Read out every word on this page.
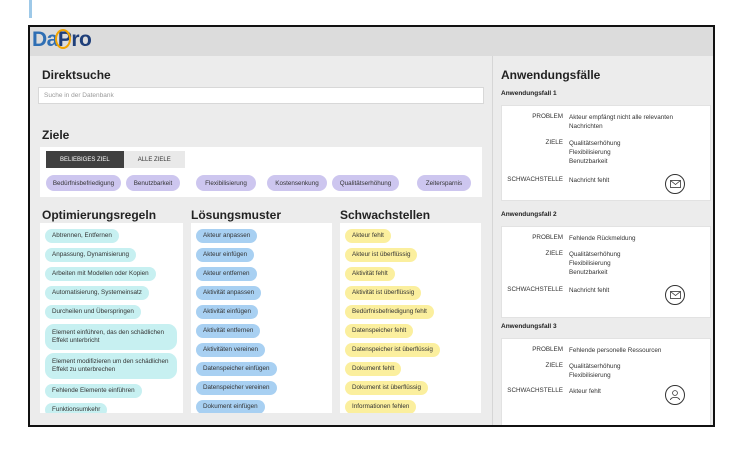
Da Pro
Direktsuche
Suche in der Datenbank
Ziele
BELIEBIGES ZIEL	ALLE ZIELE
Bedürfnisbefriedigung	Benutzbarkeit	Flexibilisierung	Kostensenkung	Qualitätserhöhung	Zeitersparnis
Optimierungsregeln	Lösungsmuster	Schwachstellen
Abtrennen, Entfernen
Anpassung, Dynamisierung
Arbeiten mit Modellen oder Kopien
Automatisierung, Systemeinsatz
Durcheilen und Überspringen
Element einführen, das den schädlichen Effekt unterbricht
Element modifizieren um den schädlichen Effekt zu unterbrechen
Fehlende Elemente einführen
Funktionsumkehr
Akteur anpassen
Akteur einfügen
Akteur entfernen
Aktivität anpassen
Aktivität einfügen
Aktivität entfernen
Aktivitäten vereinen
Datenspeicher einfügen
Datenspeicher vereinen
Dokument einfügen
Akteur fehlt
Akteur ist überflüssig
Aktivität fehlt
Aktivität ist überflüssig
Bedürfnisbefriedigung fehlt
Datenspeicher fehlt
Datenspeicher ist überflüssig
Dokument fehlt
Dokument ist überflüssig
Informationen fehlen
Anwendungsfälle
Anwendungsfall 1
PROBLEM Akteur empfängt nicht alle relevanten Nachrichten
ZIELE Qualitätserhöhung
Flexibilisierung
Benutzbarkeit
SCHWACHSTELLE Nachricht fehlt
Anwendungsfall 2
PROBLEM Fehlende Rückmeldung
ZIELE Qualitätserhöhung
Flexibilisierung
Benutzbarkeit
SCHWACHSTELLE Nachricht fehlt
Anwendungsfall 3
PROBLEM Fehlende personelle Ressourcen
ZIELE Qualitätserhöhung
Flexibilisierung
SCHWACHSTELLE Akteur fehlt
